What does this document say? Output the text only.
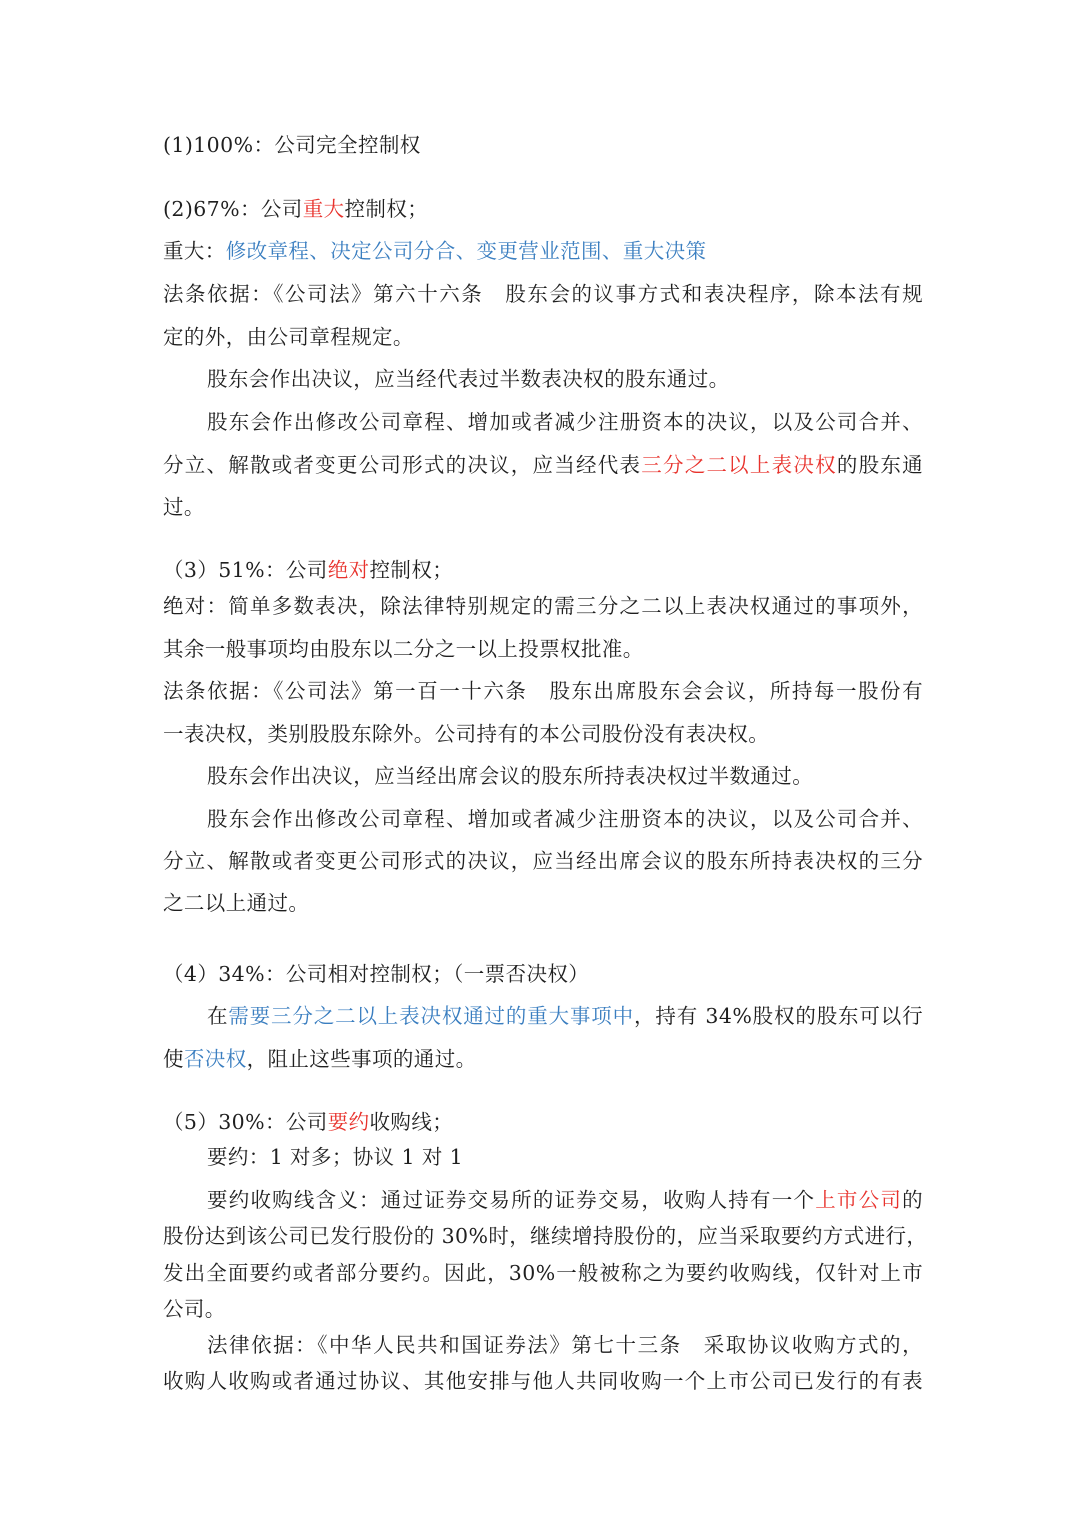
(1)100%：公司完全控制权
(2)67%：公司重大控制权；
重大：修改章程、决定公司分合、变更营业范围、重大决策
法条依据：《公司法》第六十六条　股东会的议事方式和表决程序，除本法有规
定的外，由公司章程规定。
股东会作出决议，应当经代表过半数表决权的股东通过。
股东会作出修改公司章程、增加或者减少注册资本的决议，以及公司合并、
分立、解散或者变更公司形式的决议，应当经代表三分之二以上表决权的股东通
过。
（3）51%：公司绝对控制权；
绝对：简单多数表决，除法律特别规定的需三分之二以上表决权通过的事项外，
其余一般事项均由股东以二分之一以上投票权批准。
法条依据：《公司法》第一百一十六条　股东出席股东会会议，所持每一股份有
一表决权，类别股股东除外。公司持有的本公司股份没有表决权。
股东会作出决议，应当经出席会议的股东所持表决权过半数通过。
股东会作出修改公司章程、增加或者减少注册资本的决议，以及公司合并、
分立、解散或者变更公司形式的决议，应当经出席会议的股东所持表决权的三分
之二以上通过。
（4）34%：公司相对控制权；（一票否决权）
在需要三分之二以上表决权通过的重大事项中，持有 34%股权的股东可以行
使否决权，阻止这些事项的通过。
（5）30%：公司要约收购线；
要约：1 对多；协议 1 对 1
要约收购线含义：通过证券交易所的证券交易，收购人持有一个上市公司的
股份达到该公司已发行股份的 30%时，继续增持股份的，应当采取要约方式进行，
发出全面要约或者部分要约。因此，30%一般被称之为要约收购线，仅针对上市
公司。
法律依据：《中华人民共和国证券法》第七十三条　采取协议收购方式的，
收购人收购或者通过协议、其他安排与他人共同收购一个上市公司已发行的有表
